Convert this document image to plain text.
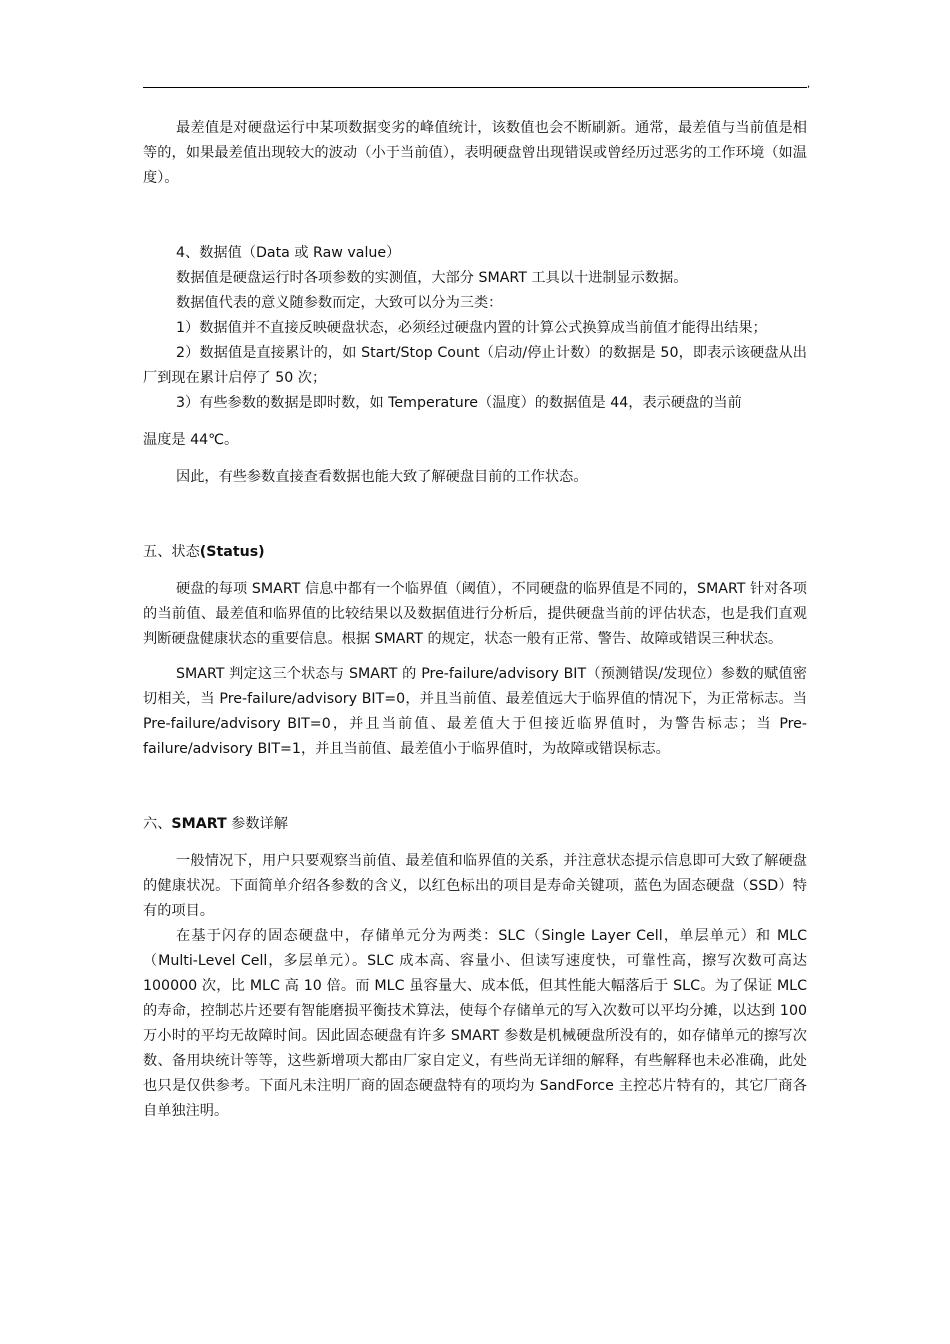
,

最差值是对硬盘运行中某项数据变劣的峰值统计，该数值也会不断刷新。通常，最差值与当前值是相等的，如果最差值出现较大的波动（小于当前值），表明硬盘曾出现错误或曾经历过恶劣的工作环境（如温度）。

4、数据值（Data 或 Raw value）

数据值是硬盘运行时各项参数的实测值，大部分 SMART 工具以十进制显示数据。

数据值代表的意义随参数而定，大致可以分为三类：

1）数据值并不直接反映硬盘状态，必须经过硬盘内置的计算公式换算成当前值才能得出结果；

2）数据值是直接累计的，如 Start/Stop Count（启动/停止计数）的数据是 50，即表示该硬盘从出厂到现在累计启停了 50 次；

3）有些参数的数据是即时数，如 Temperature（温度）的数据值是 44，表示硬盘的当前

温度是 44℃。

因此，有些参数直接查看数据也能大致了解硬盘目前的工作状态。

五、状态(Status)

硬盘的每项 SMART 信息中都有一个临界值（阈值），不同硬盘的临界值是不同的，SMART 针对各项的当前值、最差值和临界值的比较结果以及数据值进行分析后，提供硬盘当前的评估状态，也是我们直观判断硬盘健康状态的重要信息。根据 SMART 的规定，状态一般有正常、警告、故障或错误三种状态。

SMART 判定这三个状态与 SMART 的 Pre-failure/advisory BIT（预测错误/发现位）参数的赋值密切相关，当 Pre-failure/advisory BIT=0，并且当前值、最差值远大于临界值的情况下，为正常标志。当 Pre-failure/advisory BIT=0，并且当前值、最差值大于但接近临界值时，为警告标志；当 Pre-failure/advisory BIT=1，并且当前值、最差值小于临界值时，为故障或错误标志。

六、SMART 参数详解

一般情况下，用户只要观察当前值、最差值和临界值的关系，并注意状态提示信息即可大致了解硬盘的健康状况。下面简单介绍各参数的含义，以红色标出的项目是寿命关键项，蓝色为固态硬盘（SSD）特有的项目。

在基于闪存的固态硬盘中，存储单元分为两类：SLC（Single Layer Cell，单层单元）和 MLC（Multi-Level Cell，多层单元）。SLC 成本高、容量小、但读写速度快，可靠性高，擦写次数可高达 100000 次，比 MLC 高 10 倍。而 MLC 虽容量大、成本低，但其性能大幅落后于 SLC。为了保证 MLC 的寿命，控制芯片还要有智能磨损平衡技术算法，使每个存储单元的写入次数可以平均分摊，以达到 100 万小时的平均无故障时间。因此固态硬盘有许多 SMART 参数是机械硬盘所没有的，如存储单元的擦写次数、备用块统计等等，这些新增项大都由厂家自定义，有些尚无详细的解释，有些解释也未必准确，此处也只是仅供参考。下面凡未注明厂商的固态硬盘特有的项均为 SandForce 主控芯片特有的，其它厂商各自单独注明。
